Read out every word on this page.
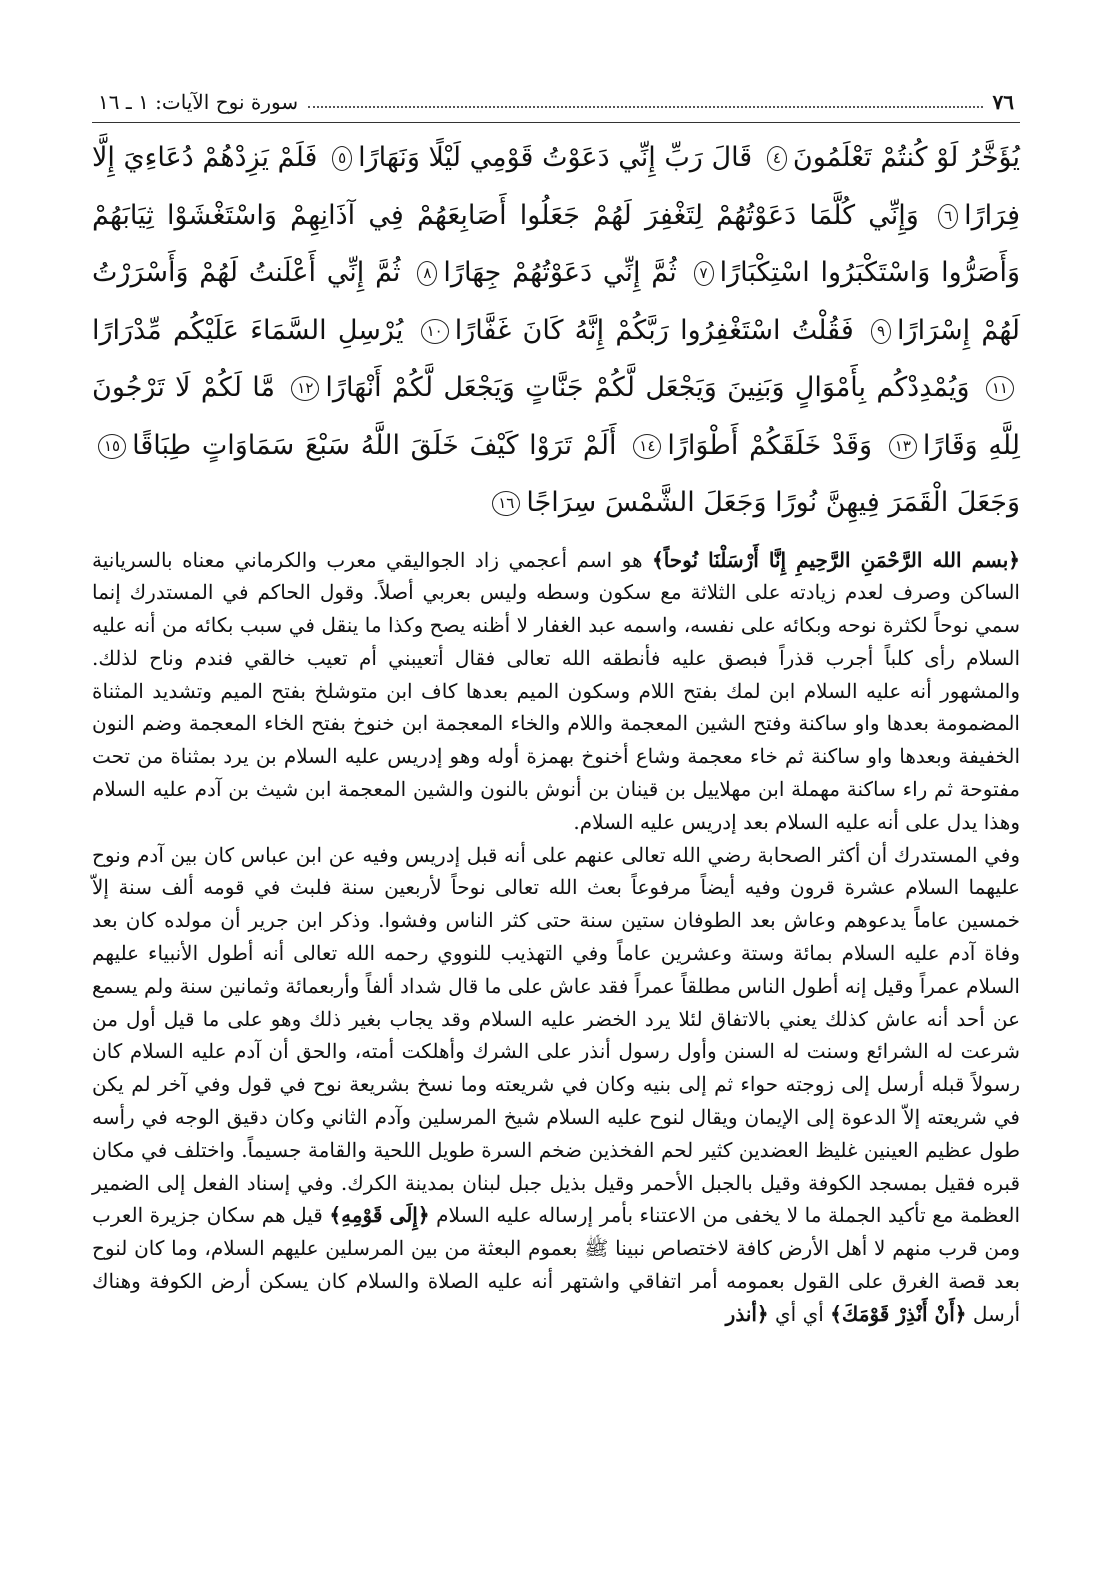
٧٦
سورة نوح الآيات: ١ ـ ١٦
يُؤَخَّرُ لَوْ كُنتُمْ تَعْلَمُونَ٤ قَالَ رَبِّ إِنِّي دَعَوْتُ قَوْمِي لَيْلًا وَنَهَارًا٥ فَلَمْ يَزِدْهُمْ دُعَاءِيَ إِلَّا فِرَارًا٦ وَإِنِّي كُلَّمَا دَعَوْتُهُمْ لِتَغْفِرَ لَهُمْ جَعَلُوا أَصَابِعَهُمْ فِي آذَانِهِمْ وَاسْتَغْشَوْا ثِيَابَهُمْ وَأَصَرُّوا وَاسْتَكْبَرُوا اسْتِكْبَارًا٧ ثُمَّ إِنِّي دَعَوْتُهُمْ جِهَارًا٨ ثُمَّ إِنِّي أَعْلَنتُ لَهُمْ وَأَسْرَرْتُ لَهُمْ إِسْرَارًا٩ فَقُلْتُ اسْتَغْفِرُوا رَبَّكُمْ إِنَّهُ كَانَ غَفَّارًا١٠ يُرْسِلِ السَّمَاءَ عَلَيْكُم مِّدْرَارًا١١ وَيُمْدِدْكُم بِأَمْوَالٍ وَبَنِينَ وَيَجْعَل لَّكُمْ جَنَّاتٍ وَيَجْعَل لَّكُمْ أَنْهَارًا١٢ مَّا لَكُمْ لَا تَرْجُونَ لِلَّهِ وَقَارًا١٣ وَقَدْ خَلَقَكُمْ أَطْوَارًا١٤ أَلَمْ تَرَوْا كَيْفَ خَلَقَ اللَّهُ سَبْعَ سَمَاوَاتٍ طِبَاقًا١٥ وَجَعَلَ الْقَمَرَ فِيهِنَّ نُورًا وَجَعَلَ الشَّمْسَ سِرَاجًا١٦

﴿بسم الله الرَّحْمَنِ الرَّحِيمِ إِنَّا أَرْسَلْنَا نُوحاً﴾ هو اسم أعجمي زاد الجواليقي معرب والكرماني معناه بالسريانية الساكن وصرف لعدم زيادته على الثلاثة مع سكون وسطه وليس بعربي أصلاً. وقول الحاكم في المستدرك إنما سمي نوحاً لكثرة نوحه وبكائه على نفسه، واسمه عبد الغفار لا أظنه يصح وكذا ما ينقل في سبب بكائه من أنه عليه السلام رأى كلباً أجرب قذراً فبصق عليه فأنطقه الله تعالى فقال أتعيبني أم تعيب خالقي فندم وناح لذلك. والمشهور أنه عليه السلام ابن لمك بفتح اللام وسكون الميم بعدها كاف ابن متوشلخ بفتح الميم وتشديد المثناة المضمومة بعدها واو ساكنة وفتح الشين المعجمة واللام والخاء المعجمة ابن خنوخ بفتح الخاء المعجمة وضم النون الخفيفة وبعدها واو ساكنة ثم خاء معجمة وشاع أخنوخ بهمزة أوله وهو إدريس عليه السلام بن يرد بمثناة من تحت مفتوحة ثم راء ساكنة مهملة ابن مهلاييل بن قينان بن أنوش بالنون والشين المعجمة ابن شيث بن آدم عليه السلام وهذا يدل على أنه عليه السلام بعد إدريس عليه السلام.

وفي المستدرك أن أكثر الصحابة رضي الله تعالى عنهم على أنه قبل إدريس وفيه عن ابن عباس كان بين آدم ونوح عليهما السلام عشرة قرون وفيه أيضاً مرفوعاً بعث الله تعالى نوحاً لأربعين سنة فلبث في قومه ألف سنة إلاّ خمسين عاماً يدعوهم وعاش بعد الطوفان ستين سنة حتى كثر الناس وفشوا. وذكر ابن جرير أن مولده كان بعد وفاة آدم عليه السلام بمائة وستة وعشرين عاماً وفي التهذيب للنووي رحمه الله تعالى أنه أطول الأنبياء عليهم السلام عمراً وقيل إنه أطول الناس مطلقاً عمراً فقد عاش على ما قال شداد ألفاً وأربعمائة وثمانين سنة ولم يسمع عن أحد أنه عاش كذلك يعني بالاتفاق لئلا يرد الخضر عليه السلام وقد يجاب بغير ذلك وهو على ما قيل أول من شرعت له الشرائع وسنت له السنن وأول رسول أنذر على الشرك وأهلكت أمته، والحق أن آدم عليه السلام كان رسولاً قبله أرسل إلى زوجته حواء ثم إلى بنيه وكان في شريعته وما نسخ بشريعة نوح في قول وفي آخر لم يكن في شريعته إلاّ الدعوة إلى الإيمان ويقال لنوح عليه السلام شيخ المرسلين وآدم الثاني وكان دقيق الوجه في رأسه طول عظيم العينين غليظ العضدين كثير لحم الفخذين ضخم السرة طويل اللحية والقامة جسيماً. واختلف في مكان قبره فقيل بمسجد الكوفة وقيل بالجبل الأحمر وقيل بذيل جبل لبنان بمدينة الكرك. وفي إسناد الفعل إلى الضمير العظمة مع تأكيد الجملة ما لا يخفى من الاعتناء بأمر إرساله عليه السلام ﴿إِلَى قَوْمِهِ﴾ قيل هم سكان جزيرة العرب ومن قرب منهم لا أهل الأرض كافة لاختصاص نبينا ﷺ بعموم البعثة من بين المرسلين عليهم السلام، وما كان لنوح بعد قصة الغرق على القول بعمومه أمر اتفاقي واشتهر أنه عليه الصلاة والسلام كان يسكن أرض الكوفة وهناك أرسل ﴿أَنْ أَنْذِرْ قَوْمَكَ﴾ أي أي ﴿أنذر
